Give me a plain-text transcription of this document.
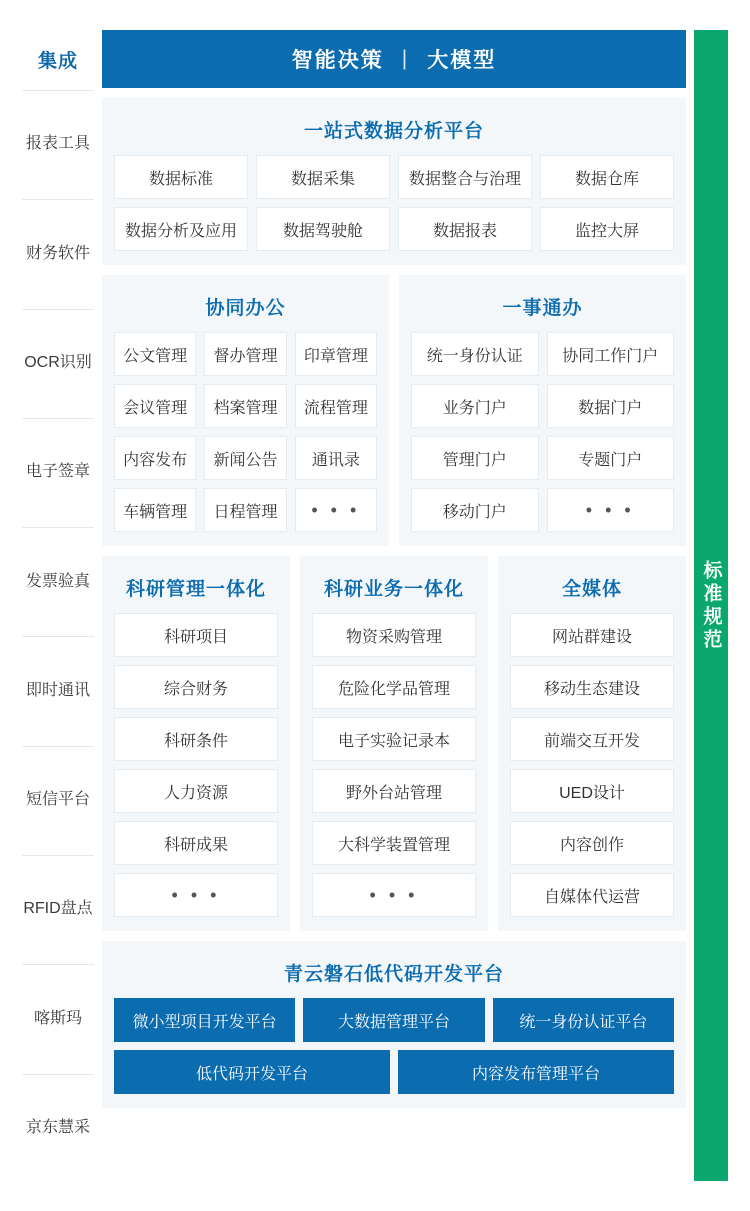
集成
报表工具
财务软件
OCR识别
电子签章
发票验真
即时通讯
短信平台
RFID盘点
喀斯玛
京东慧采
智能决策 | 大模型
一站式数据分析平台
数据标准	数据采集	数据整合与治理	数据仓库
数据分析及应用	数据驾驶舱	数据报表	监控大屏
协同办公
公文管理	督办管理	印章管理
会议管理	档案管理	流程管理
内容发布	新闻公告	通讯录
车辆管理	日程管理	• • •
一事通办
统一身份认证	协同工作门户
业务门户	数据门户
管理门户	专题门户
移动门户	• • •
科研管理一体化
科研项目
综合财务
科研条件
人力资源
科研成果
• • •
科研业务一体化
物资采购管理
危险化学品管理
电子实验记录本
野外台站管理
大科学装置管理
• • •
全媒体
网站群建设
移动生态建设
前端交互开发
UED设计
内容创作
自媒体代运营
青云磐石低代码开发平台
微小型项目开发平台	大数据管理平台	统一身份认证平台
低代码开发平台	内容发布管理平台
标准规范
